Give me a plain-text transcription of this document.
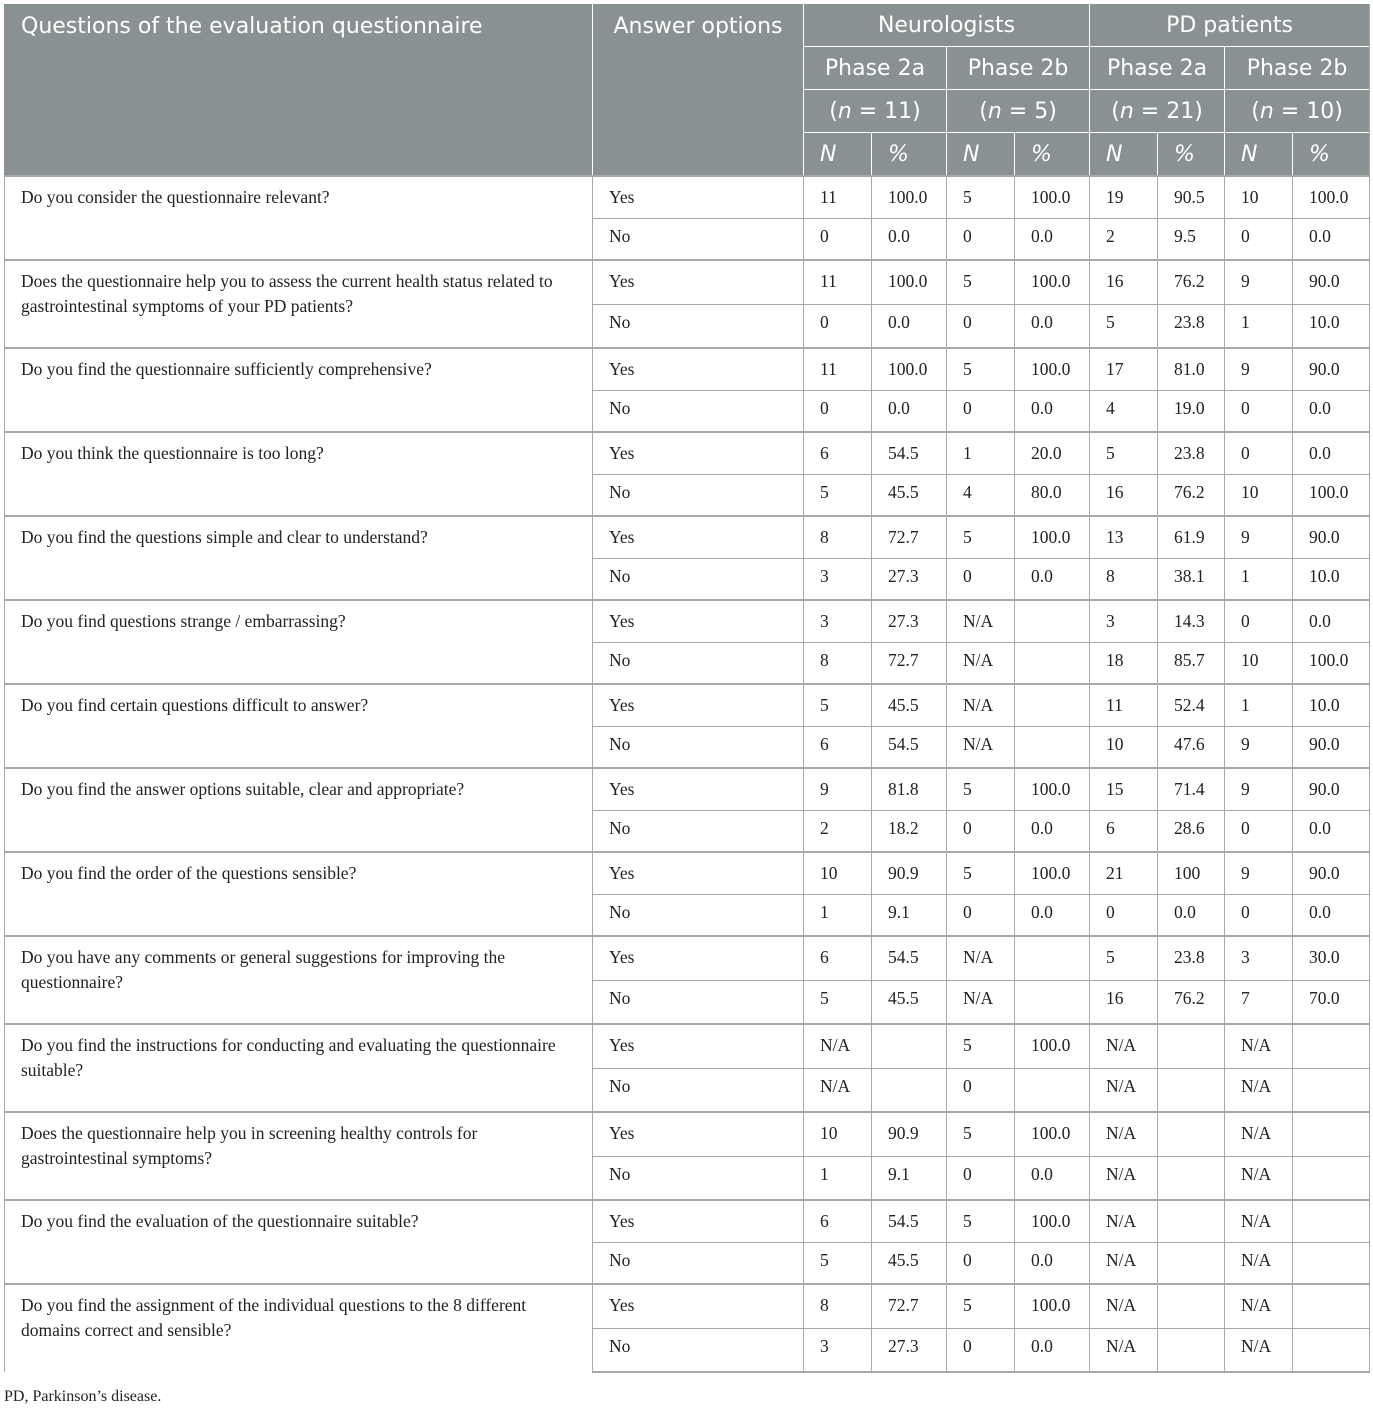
Questions of the evaluation questionnaire	Answer options	Neurologists				PD patients			
		Phase 2a		Phase 2b		Phase 2a		Phase 2b	
		(n = 11)		(n = 5)		(n = 21)		(n = 10)	
		N	%	N	%	N	%	N	%
Do you consider the questionnaire relevant?	Yes	11	100.0	5	100.0	19	90.5	10	100.0
	No	0	0.0	0	0.0	2	9.5	0	0.0
Does the questionnaire help you to assess the current health status related to gastrointestinal symptoms of your PD patients?	Yes	11	100.0	5	100.0	16	76.2	9	90.0
	No	0	0.0	0	0.0	5	23.8	1	10.0
Do you find the questionnaire sufficiently comprehensive?	Yes	11	100.0	5	100.0	17	81.0	9	90.0
	No	0	0.0	0	0.0	4	19.0	0	0.0
Do you think the questionnaire is too long?	Yes	6	54.5	1	20.0	5	23.8	0	0.0
	No	5	45.5	4	80.0	16	76.2	10	100.0
Do you find the questions simple and clear to understand?	Yes	8	72.7	5	100.0	13	61.9	9	90.0
	No	3	27.3	0	0.0	8	38.1	1	10.0
Do you find questions strange / embarrassing?	Yes	3	27.3	N/A		3	14.3	0	0.0
	No	8	72.7	N/A		18	85.7	10	100.0
Do you find certain questions difficult to answer?	Yes	5	45.5	N/A		11	52.4	1	10.0
	No	6	54.5	N/A		10	47.6	9	90.0
Do you find the answer options suitable, clear and appropriate?	Yes	9	81.8	5	100.0	15	71.4	9	90.0
	No	2	18.2	0	0.0	6	28.6	0	0.0
Do you find the order of the questions sensible?	Yes	10	90.9	5	100.0	21	100	9	90.0
	No	1	9.1	0	0.0	0	0.0	0	0.0
Do you have any comments or general suggestions for improving the questionnaire?	Yes	6	54.5	N/A		5	23.8	3	30.0
	No	5	45.5	N/A		16	76.2	7	70.0
Do you find the instructions for conducting and evaluating the questionnaire suitable?	Yes	N/A		5	100.0	N/A		N/A	
	No	N/A		0		N/A		N/A	
Does the questionnaire help you in screening healthy controls for gastrointestinal symptoms?	Yes	10	90.9	5	100.0	N/A		N/A	
	No	1	9.1	0	0.0	N/A		N/A	
Do you find the evaluation of the questionnaire suitable?	Yes	6	54.5	5	100.0	N/A		N/A	
	No	5	45.5	0	0.0	N/A		N/A	
Do you find the assignment of the individual questions to the 8 different domains correct and sensible?	Yes	8	72.7	5	100.0	N/A		N/A	
	No	3	27.3	0	0.0	N/A		N/A	
PD, Parkinson’s disease.
